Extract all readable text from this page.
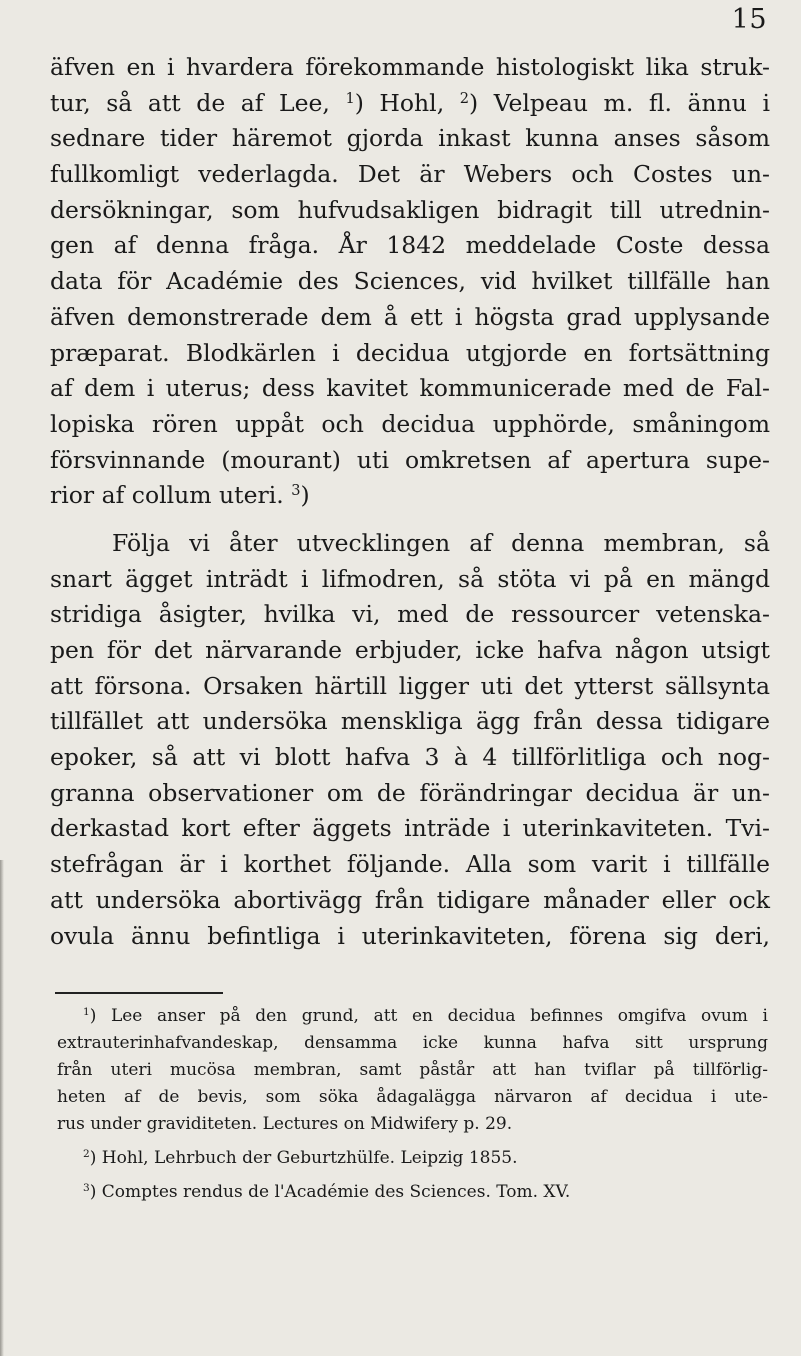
15
äfven en i hvardera förekommande histologiskt lika struk-
tur, så att de af Lee, $^1$) Hohl, $^2$) Velpeau m. fl. ännu i
sednare tider häremot gjorda inkast kunna anses såsom
fullkomligt vederlagda. Det är Webers och Costes un-
dersökningar, som hufvudsakligen bidragit till utrednin-
gen af denna fråga. År 1842 meddelade Coste dessa
data för Académie des Sciences, vid hvilket tillfälle han
äfven demonstrerade dem å ett i högsta grad upplysande
præparat. Blodkärlen i decidua utgjorde en fortsättning
af dem i uterus; dess kavitet kommunicerade med de Fal-
lopiska rören uppåt och decidua upphörde, småningom
försvinnande (mourant) uti omkretsen af apertura supe-
rior af collum uteri. $^3$)
Följa vi åter utvecklingen af denna membran, så
snart ägget inträdt i lifmodren, så stöta vi på en mängd
stridiga åsigter, hvilka vi, med de ressourcer vetenska-
pen för det närvarande erbjuder, icke hafva någon utsigt
att försona. Orsaken härtill ligger uti det ytterst sällsynta
tillfället att undersöka menskliga ägg från dessa tidigare
epoker, så att vi blott hafva 3 à 4 tillförlitliga och nog-
granna observationer om de förändringar decidua är un-
derkastad kort efter äggets inträde i uterinkaviteten. Tvi-
stefrågan är i korthet följande. Alla som varit i tillfälle
att undersöka abortivägg från tidigare månader eller ock
ovula ännu befintliga i uterinkaviteten, förena sig deri,
$^1$) Lee anser på den grund, att en decidua befinnes omgifva ovum i
extrauterinhafvandeskap, densamma icke kunna hafva sitt ursprung
från uteri mucösa membran, samt påstår att han tviflar på tillförlig-
heten af de bevis, som söka ådagalägga närvaron af decidua i ute-
rus under graviditeten. Lectures on Midwifery p. 29.
$^2$) Hohl, Lehrbuch der Geburtzhülfe. Leipzig 1855.
$^3$) Comptes rendus de l'Académie des Sciences. Tom. XV.
